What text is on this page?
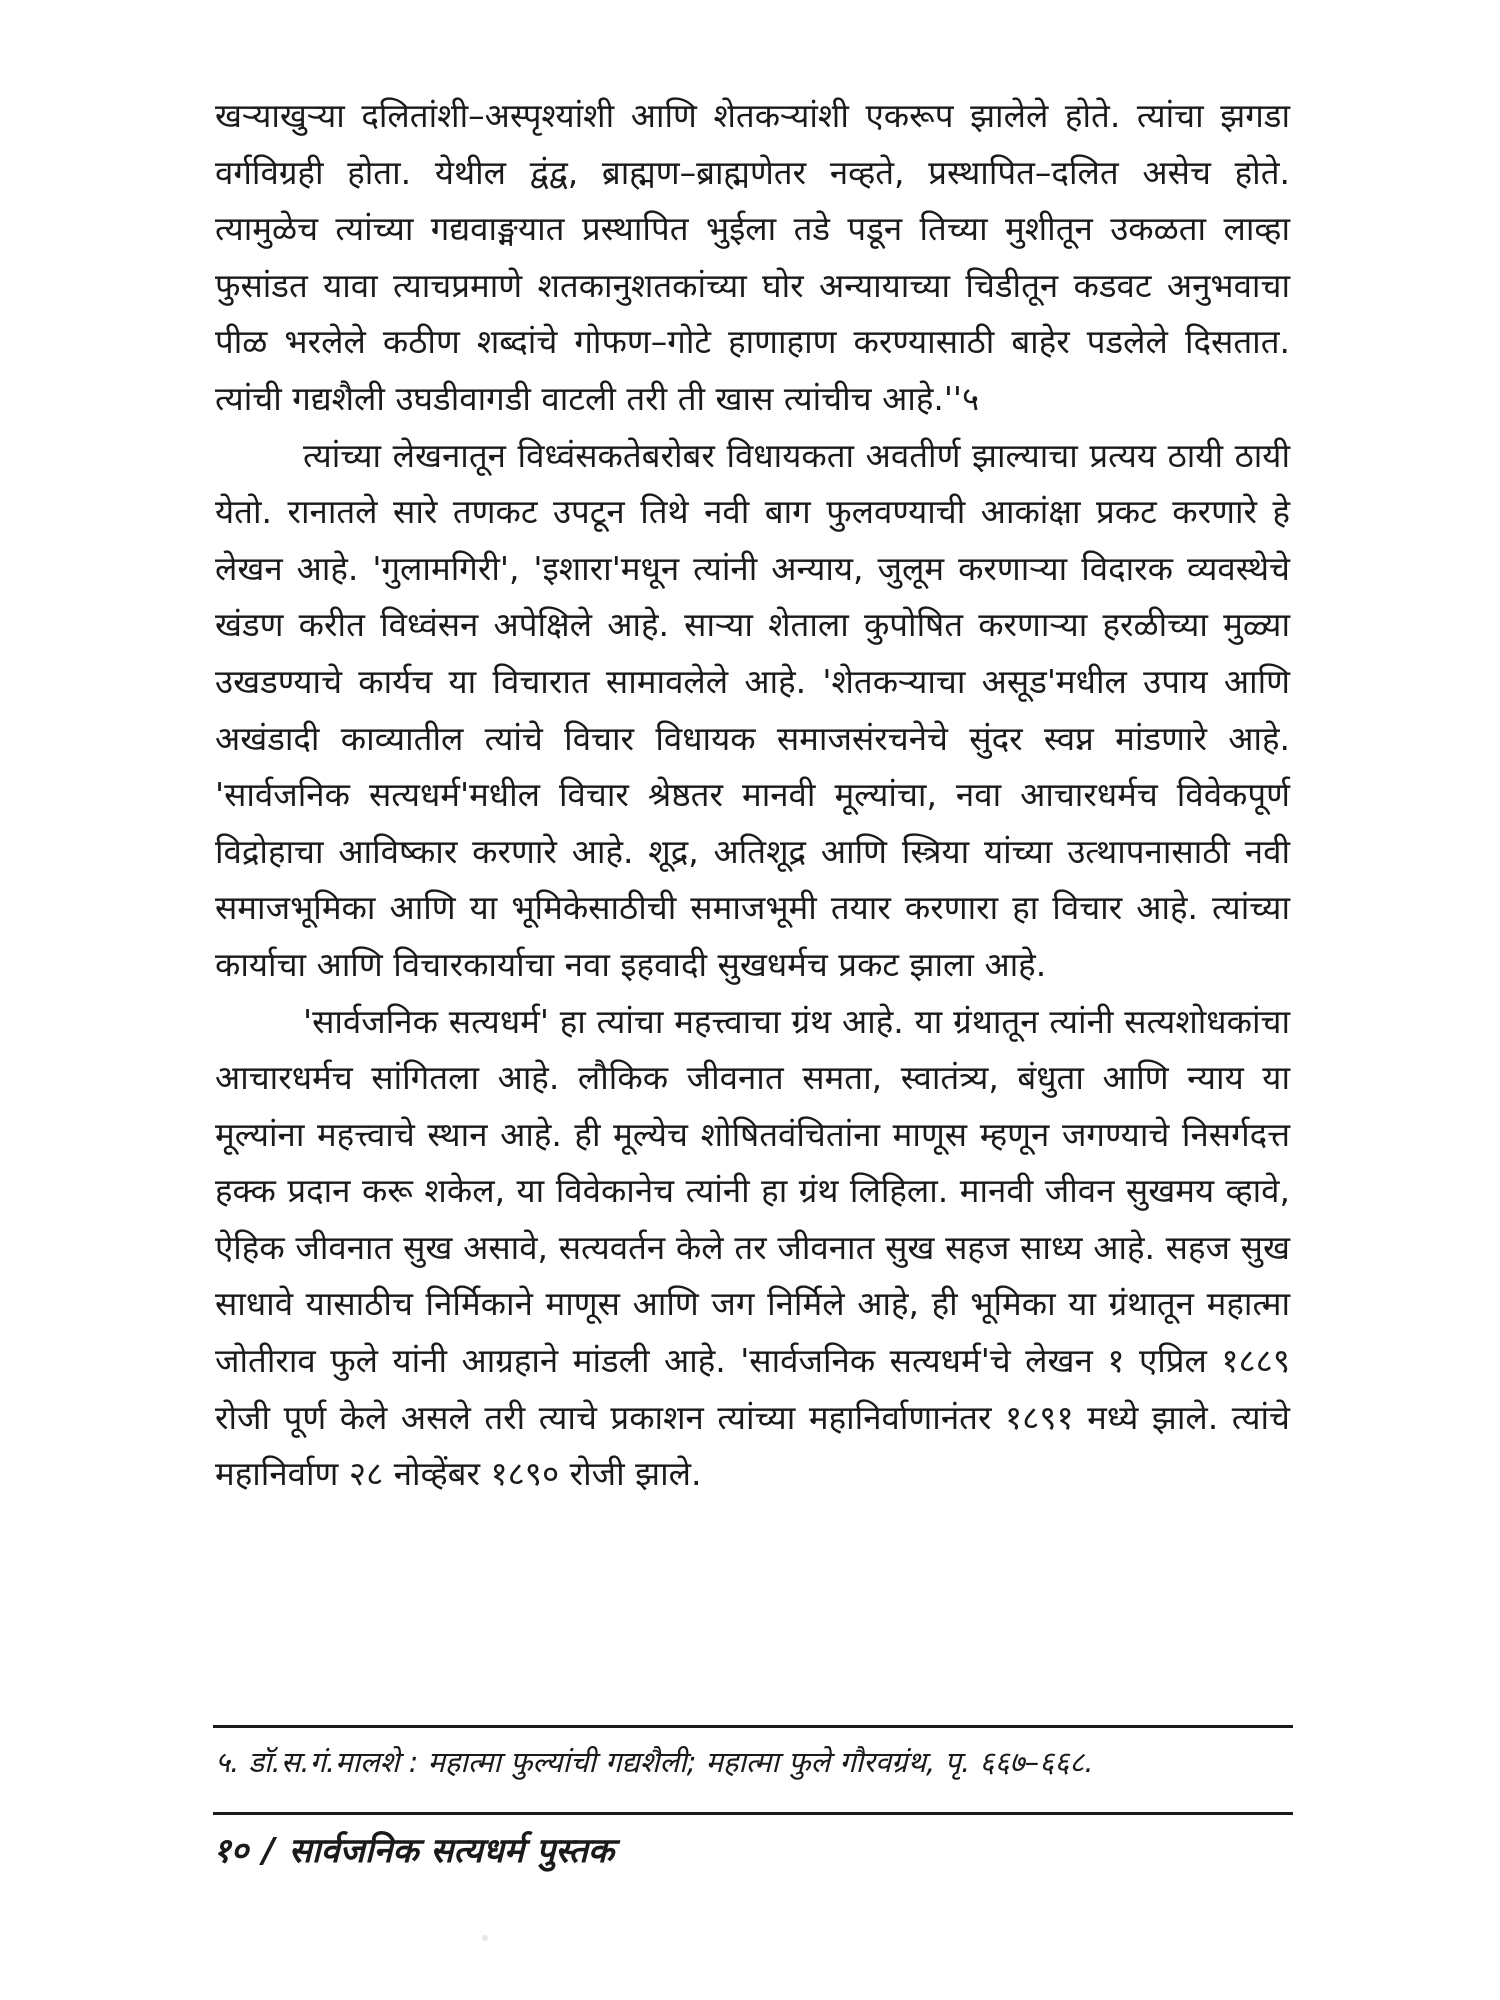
खऱ्याखुऱ्या दलितांशी–अस्पृश्यांशी आणि शेतकऱ्यांशी एकरूप झालेले होते. त्यांचा झगडा वर्गविग्रही होता. येथील द्वंद्व, ब्राह्मण–ब्राह्मणेतर नव्हते, प्रस्थापित–दलित असेच होते. त्यामुळेच त्यांच्या गद्यवाङ्मयात प्रस्थापित भुईला तडे पडून तिच्या मुशीतून उकळता लाव्हा फुसांडत यावा त्याचप्रमाणे शतकानुशतकांच्या घोर अन्यायाच्या चिडीतून कडवट अनुभवाचा पीळ भरलेले कठीण शब्दांचे गोफण–गोटे हाणाहाण करण्यासाठी बाहेर पडलेले दिसतात. त्यांची गद्यशैली उघडीवागडी वाटली तरी ती खास त्यांचीच आहे.''५

त्यांच्या लेखनातून विध्वंसकतेबरोबर विधायकता अवतीर्ण झाल्याचा प्रत्यय ठायी ठायी येतो. रानातले सारे तणकट उपटून तिथे नवी बाग फुलवण्याची आकांक्षा प्रकट करणारे हे लेखन आहे. 'गुलामगिरी', 'इशारा'मधून त्यांनी अन्याय, जुलूम करणाऱ्या विदारक व्यवस्थेचे खंडण करीत विध्वंसन अपेक्षिले आहे. साऱ्या शेताला कुपोषित करणाऱ्या हरळीच्या मुळ्या उखडण्याचे कार्यच या विचारात सामावलेले आहे. 'शेतकऱ्याचा असूड'मधील उपाय आणि अखंडादी काव्यातील त्यांचे विचार विधायक समाजसंरचनेचे सुंदर स्वप्न मांडणारे आहे. 'सार्वजनिक सत्यधर्म'मधील विचार श्रेष्ठतर मानवी मूल्यांचा, नवा आचारधर्मच विवेकपूर्ण विद्रोहाचा आविष्कार करणारे आहे. शूद्र, अतिशूद्र आणि स्त्रिया यांच्या उत्थापनासाठी नवी समाजभूमिका आणि या भूमिकेसाठीची समाजभूमी तयार करणारा हा विचार आहे. त्यांच्या कार्याचा आणि विचारकार्याचा नवा इहवादी सुखधर्मच प्रकट झाला आहे.

'सार्वजनिक सत्यधर्म' हा त्यांचा महत्त्वाचा ग्रंथ आहे. या ग्रंथातून त्यांनी सत्यशोधकांचा आचारधर्मच सांगितला आहे. लौकिक जीवनात समता, स्वातंत्र्य, बंधुता आणि न्याय या मूल्यांना महत्त्वाचे स्थान आहे. ही मूल्येच शोषितवंचितांना माणूस म्हणून जगण्याचे निसर्गदत्त हक्क प्रदान करू शकेल, या विवेकानेच त्यांनी हा ग्रंथ लिहिला. मानवी जीवन सुखमय व्हावे, ऐहिक जीवनात सुख असावे, सत्यवर्तन केले तर जीवनात सुख सहज साध्य आहे. सहज सुख साधावे यासाठीच निर्मिकाने माणूस आणि जग निर्मिले आहे, ही भूमिका या ग्रंथातून महात्मा जोतीराव फुले यांनी आग्रहाने मांडली आहे. 'सार्वजनिक सत्यधर्म'चे लेखन १ एप्रिल १८८९ रोजी पूर्ण केले असले तरी त्याचे प्रकाशन त्यांच्या महानिर्वाणानंतर १८९१ मध्ये झाले. त्यांचे महानिर्वाण २८ नोव्हेंबर १८९० रोजी झाले.

५. डॉ.स.गं.मालशे : महात्मा फुल्यांची गद्यशैली; महात्मा फुले गौरवग्रंथ, पृ. ६६७–६६८.
१० / सार्वजनिक सत्यधर्म पुस्तक
